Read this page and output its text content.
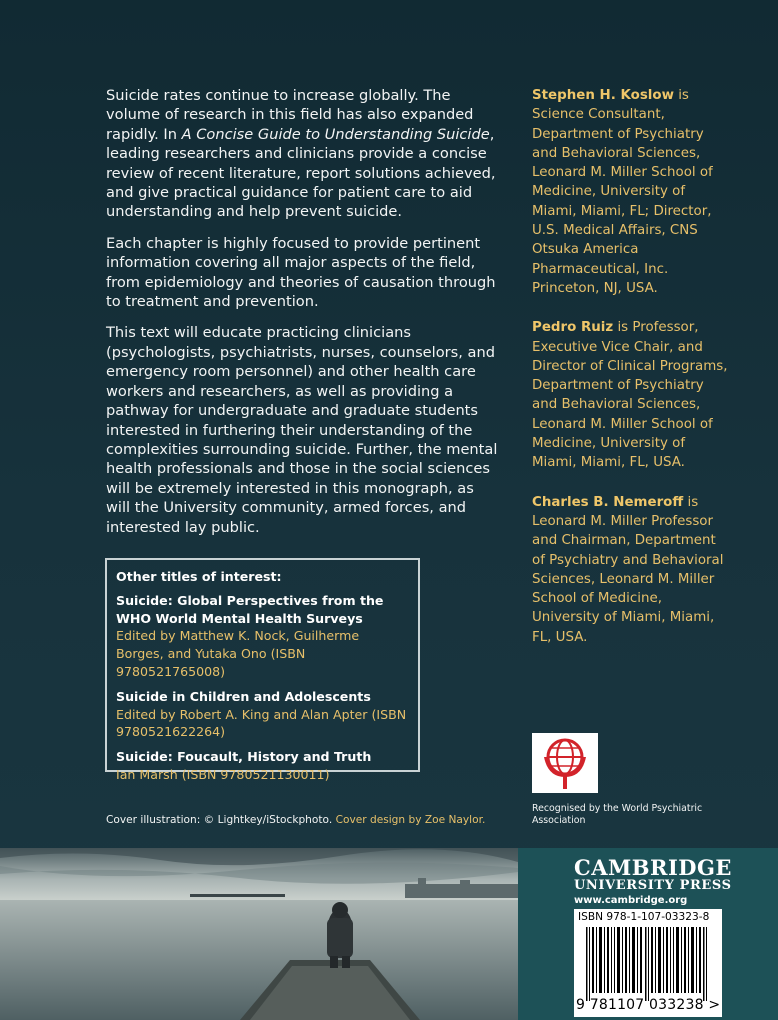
Suicide rates continue to increase globally. The volume of research in this field has also expanded rapidly. In A Concise Guide to Understanding Suicide, leading researchers and clinicians provide a concise review of recent literature, report solutions achieved, and give practical guidance for patient care to aid understanding and help prevent suicide.

Each chapter is highly focused to provide pertinent information covering all major aspects of the field, from epidemiology and theories of causation through to treatment and prevention.

This text will educate practicing clinicians (psychologists, psychiatrists, nurses, counselors, and emergency room personnel) and other health care workers and researchers, as well as providing a pathway for undergraduate and graduate students interested in furthering their understanding of the complexities surrounding suicide. Further, the mental health professionals and those in the social sciences will be extremely interested in this monograph, as will the University community, armed forces, and interested lay public.

Stephen H. Koslow is Science Consultant, Department of Psychiatry and Behavioral Sciences, Leonard M. Miller School of Medicine, University of Miami, Miami, FL; Director, U.S. Medical Affairs, CNS Otsuka America Pharmaceutical, Inc. Princeton, NJ, USA.

Pedro Ruiz is Professor, Executive Vice Chair, and Director of Clinical Programs, Department of Psychiatry and Behavioral Sciences, Leonard M. Miller School of Medicine, University of Miami, Miami, FL, USA.

Charles B. Nemeroff is Leonard M. Miller Professor and Chairman, Department of Psychiatry and Behavioral Sciences, Leonard M. Miller School of Medicine, University of Miami, Miami, FL, USA.

Other titles of interest:
Suicide: Global Perspectives from the WHO World Mental Health Surveys
Edited by Matthew K. Nock, Guilherme Borges, and Yutaka Ono (ISBN 9780521765008)
Suicide in Children and Adolescents
Edited by Robert A. King and Alan Apter (ISBN 9780521622264)
Suicide: Foucault, History and Truth
Ian Marsh (ISBN 9780521130011)
Cover illustration: © Lightkey/iStockphoto. Cover design by Zoe Naylor.
Recognised by the World Psychiatric Association
CAMBRIDGE
UNIVERSITY PRESS
www.cambridge.org
ISBN 978-1-107-03323-8
9 781107 033238 >
